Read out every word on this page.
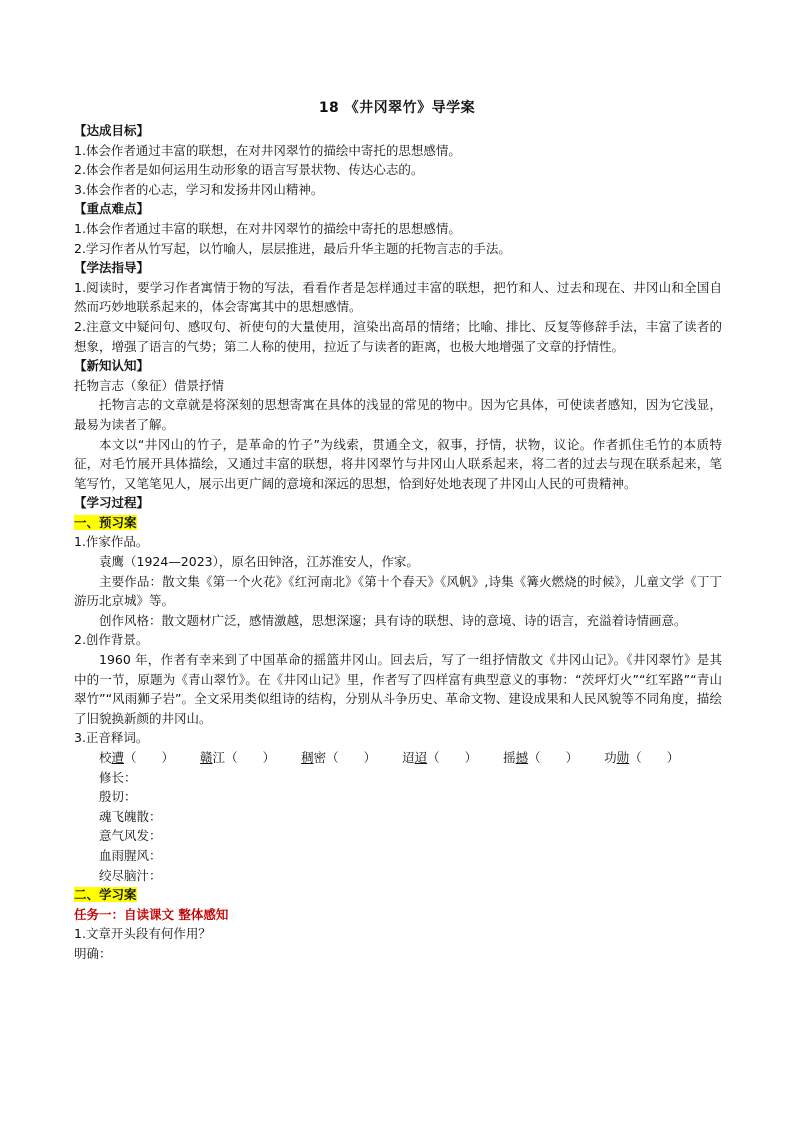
18 《井冈翠竹》导学案

【达成目标】

1.体会作者通过丰富的联想，在对井冈翠竹的描绘中寄托的思想感情。

2.体会作者是如何运用生动形象的语言写景状物、传达心志的。

3.体会作者的心志，学习和发扬井冈山精神。

【重点难点】

1.体会作者通过丰富的联想，在对井冈翠竹的描绘中寄托的思想感情。

2.学习作者从竹写起，以竹喻人，层层推进，最后升华主题的托物言志的手法。

【学法指导】

1.阅读时，要学习作者寓情于物的写法，看看作者是怎样通过丰富的联想，把竹和人、过去和现在、井冈山和全国自然而巧妙地联系起来的，体会寄寓其中的思想感情。

2.注意文中疑问句、感叹句、祈使句的大量使用，渲染出高昂的情绪；比喻、排比、反复等修辞手法，丰富了读者的想象，增强了语言的气势；第二人称的使用，拉近了与读者的距离，也极大地增强了文章的抒情性。

【新知认知】

托物言志（象征）借景抒情

托物言志的文章就是将深刻的思想寄寓在具体的浅显的常见的物中。因为它具体，可使读者感知，因为它浅显，最易为读者了解。

本文以“井冈山的竹子，是革命的竹子”为线索，贯通全文，叙事，抒情，状物，议论。作者抓住毛竹的本质特征，对毛竹展开具体描绘，又通过丰富的联想，将井冈翠竹与井冈山人联系起来，将二者的过去与现在联系起来，笔笔写竹，又笔笔见人，展示出更广阔的意境和深远的思想，恰到好处地表现了井冈山人民的可贵精神。

【学习过程】

一、预习案

1.作家作品。

袁鹰（1924—2023），原名田钟洛，江苏淮安人，作家。

主要作品：散文集《第一个火花》《红河南北》《第十个春天》《风帆》,诗集《篝火燃烧的时候》，儿童文学《丁丁游历北京城》等。

创作风格：散文题材广泛，感情激越，思想深邃；具有诗的联想、诗的意境、诗的语言，充溢着诗情画意。

2.创作背景。

1960 年，作者有幸来到了中国革命的摇篮井冈山。回去后，写了一组抒情散文《井冈山记》。《井冈翠竹》是其中的一节，原题为《青山翠竹》。在《井冈山记》里，作者写了四样富有典型意义的事物：“茨坪灯火”“红军路”“青山翠竹”“风雨狮子岩”。全文采用类似组诗的结构，分别从斗争历史、革命文物、建设成果和人民风貌等不同角度，描绘了旧貌换新颜的井冈山。

3.正音释词。

校遭（　　） 赣江（　　） 稠密（　　） 迢迢（　　） 摇撼（　　） 功勋（　　）

修长：

殷切：

魂飞魄散：

意气风发：

血雨腥风：

绞尽脑汁：

二、学习案

任务一：自读课文 整体感知

1.文章开头段有何作用？

明确：
